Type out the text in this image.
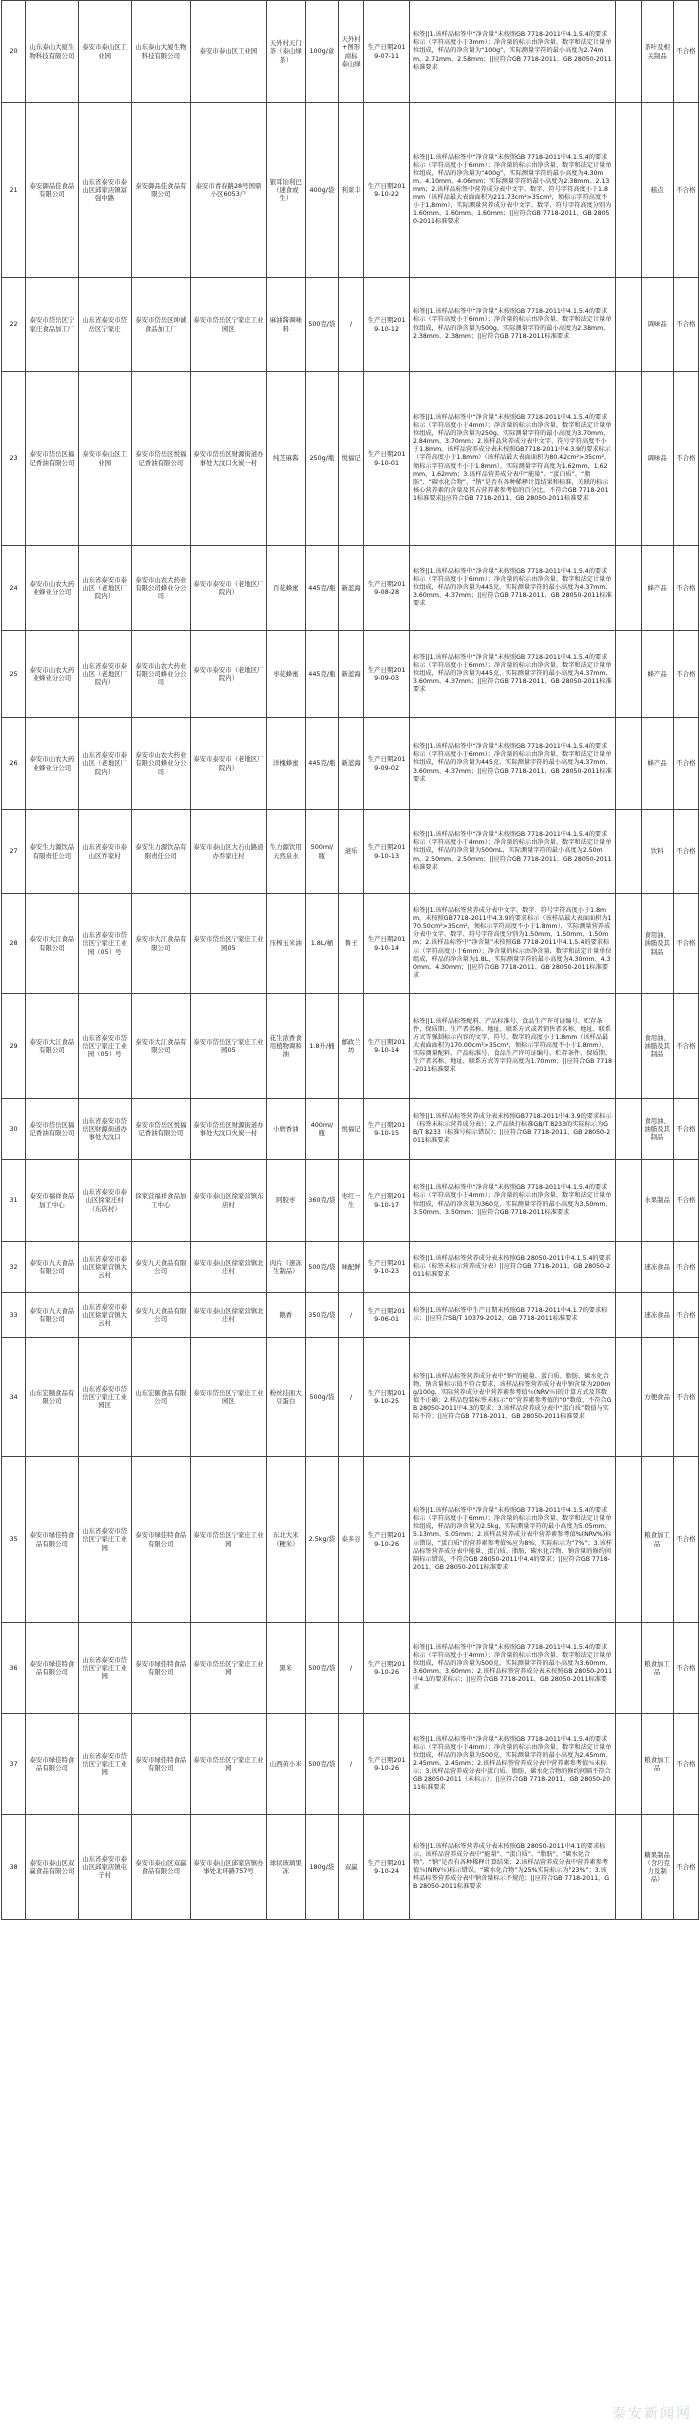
20	山东泰山大厦生物科技有限公司	泰安市泰山区工业园	山东泰山大厦生物科技有限公司	泰安市泰山区工业园	天外村天门茶（泰山绿茶）	100g/盒	天外村+图形商标 泰山绿	生产日期2019-07-11	标签||1.该样品标签中“净含量”未按照GB 7718-2011中4.1.5.4的要求标示（字符高度小于3mm）；净含量的标示由净含量、数字和法定计量单位组成，样品的净含量为“100g”，实际测量字符的最小高度为2.74mm、2.71mm、2.58mm；||应符合GB 7718-2011、GB 28050-2011标准要求		茶叶及相关制品	不合格
21	泰安御品佳食品有限公司	山东省泰安市泰山区邱家店镇富强中路	泰安御品佳食品有限公司	泰安市青春路28号国鼎小区6053户	银耳饴利巴（速食或生）	400g/袋	利莱丰	生产日期2019-10-22	标签||1.该样品标签中“净含量”未按照GB 7718-2011中4.1.5.4的要求标示（字符高度小于6mm）；净含量的标示由净含量、数字和法定计量单位组成，样品的净含量为“400g”，实际测量字符的最小高度为4.30mm、4.10mm、4.06mm；实际测量字符的最小高度为2.38mm、2.13mm；2.该样品标签中营养成分表中文字、数字、符号字符高度小于1.8mm（该样品最大表面面积为211.73cm²>35cm²，须标示字符高度不小于1.8mm），实际测量营养成分表中文字、数字、符号字符高度分别为1.60mm、1.60mm、1.60mm；||应符合GB 7718-2011、GB 28050-2011标准要求		糕点	不合格
22	泰安市岱岳区宁家庄食品加工厂	山东省泰安市岱岳区宁家庄	泰安市岱岳区坤诚食品加工厂	泰安市岱岳区宁家庄工业园区	麻油酱调味料	500克/袋	/	生产日期2019-10-12	标签||1.该样品标签中“净含量”未按照GB 7718-2011中4.1.5.4的要求标示（字符高度小于6mm）；净含量的标示由净含量、数字和法定计量单位组成，样品的净含量为500g，实际测量字符的最小高度为2.38mm、2.38mm、2.38mm；||应符合GB 7718-2011标准要求		调味品	不合格
23	泰安市岱岳区福记香油有限公司	泰安市泰山区工业园	泰安市岱岳区悦福记香油有限公司	泰安市岱岳区财源街道办事处大汶口火炭一村	纯芝麻酱	250g/瓶	悦福记	生产日期2019-10-01	标签||1.该样品标签中“净含量”未按照GB 7718-2011中4.1.5.4的要求标示（字符高度小于4mm）；净含量的标示由净含量、数字和法定计量单位组成，样品的净含量为250g，实际测量字符的最小高度为3.70mm、2.84mm、3.70mm；2.该样品营养成分表中文字、符号字符高度不小于1.8mm。该样品营养成分表未按照GB7718-2011中4.3.9的要求标示（字符高度小于1.8mm）（该样品最大表面面积为80.42cm²>35cm²，须标示字符高度不小于1.8mm），实际测量字符高度为1.62mm，1.62mm，1.62mm；3.该样品营养成分表中“能量”、“蛋白质”、“脂肪”、“碳水化合物”、“钠”是否有各种稀释计算结果和标准，关联的标示核心营养素的含量及其占营养素参考值的百分比。不符合GB 7718-2011标准要求||应符合GB 7718-2011、GB 28050-2011标准要求		调味品	不合格
24	泰安市山农大药业蜂业分公司	山东省泰安市泰山区（老地区厂院内）	泰安市山农大药业有限公司蜂业分公司	泰安市泰安市（老地区厂院内）	百花蜂蜜	445克/瓶	新蓝海	生产日期2019-08-28	标签||1.该样品标签中“净含量”未按照GB 7718-2011中4.1.5.4的要求标示（字符高度小于6mm）；净含量的标示由净含量、数字和法定计量单位组成，样品的净含量为445克，实际测量字符的最小高度为4.37mm、3.60mm、4.37mm；||应符合GB 7718-2011、GB 28050-2011标准要求		蜂产品	不合格
25	泰安市山农大药业蜂业分公司	山东省泰安市泰山区（老地区厂院内）	泰安市山农大药业有限公司蜂业分公司	泰安市泰安市（老地区厂院内）	枣花蜂蜜	445克/瓶	新蓝海	生产日期2019-09-03	标签||1.该样品标签中“净含量”未按照GB 7718-2011中4.1.5.4的要求标示（字符高度小于6mm）；净含量的标示由净含量、数字和法定计量单位组成，样品的净含量为445克，实际测量字符的最小高度为4.37mm、3.60mm、4.37mm；||应符合GB 7718-2011、GB 28050-2011标准要求		蜂产品	不合格
26	泰安市山农大药业蜂业分公司	山东省泰安市泰山区（老地区厂院内）	泰安市山农大药业有限公司蜂业分公司	泰安市泰安市（老地区厂院内）	洋槐蜂蜜	445克/瓶	新蓝海	生产日期2019-09-02	标签||1.该样品标签中“净含量”未按照GB 7718-2011中4.1.5.4的要求标示（字符高度小于6mm）；净含量的标示由净含量、数字和法定计量单位组成，样品的净含量为445克，实际测量字符的最小高度为4.37mm、3.60mm、4.37mm；||应符合GB 7718-2011、GB 28050-2011标准要求		蜂产品	不合格
27	泰安生力源饮品有限责任公司	山东省泰安市泰山区乔家村	泰安生力源饮品有限责任公司	泰安市泰山区大石山路道办乔家庄村	生力源饮用天然泉水	500ml/瓶	道乐	生产日期2019-10-13	标签||1.该样品标签中“净含量”未按照GB 7718-2011中4.1.5.4的要求标示（字符高度小于4mm）；净含量的标示由净含量、数字和法定计量单位组成，样品的净含量为500mL，实际测量字符的最小高度为2.50mm、2.50mm、2.50mm；||应符合GB 7718-2011、GB 28050-2011标准要求		饮料	不合格
28	泰安市大江食品有限公司	山东省泰安市岱岳区宁家庄工业园（05）号	泰安市大江食品有限公司	泰安市岱岳区宁家庄工业园05	压榨玉米油	1.8L/桶	鲁王	生产日期2019-10-14	标签||1.该样品标签营养成分表中文字、数字、符号字符高度小于1.8mm，未按照GB7718-2011中4.3.9的要求标示（该样品最大表面面积为170.50cm²>35cm²，须标示字符高度不小于1.8mm），实际测量营养成分表中文字、数字、符号字符高度分别为1.50mm、1.50mm、1.50mm；2.该样品标签中“净含量”未按照GB 7718-2011中4.1.5.4的要求标示（字符高度小于6mm）；净含量的标示由净含量、数字和法定计量单位组成，样品的净含量为1.8L，实际测量字符的最小高度为4.30mm、4.30mm、4.30mm；||应符合GB 7718-2011、GB 28050-2011标准要求		食用油、油脂及其制品	不合格
29	泰安市大江食品有限公司	山东省泰安市岱岳区宁家庄工业园（05）号	泰安市大江食品有限公司	泰安市岱岳区宁家庄工业园05	花生浓香食用植物调和油	1.8升/桶	邮政兰坊	生产日期2019-10-14	标签||1.该样品标签配料、产品标准号、食品生产许可证编号、贮存条件、保质期、生产者名称、地址、联系方式或者销售者名称、地址、联系方式等强制标示内容的文字、符号、数字的高度小于1.8mm（该样品最大表面面积为170.00cm²>35cm²，须标示字符高度不小于1.8mm），实际测量配料、产品标准号、食品生产许可证编号、贮存条件、保质期、生产者名称、地址、联系方式等字符高度为1.70mm；||应符合GB 7718-2011标准要求		食用油、油脂及其制品	不合格
30	泰安市岱岳区福记香油有限公司	山东省泰安市岱岳区财源街道办事处大汶口	泰安市岱岳区悦福记香油有限公司	泰安市岱岳区财源街道办事处大汶口火炭一村	小磨香油	400ml/瓶	悦福记	生产日期2019-10-15	标签||1.该样品标签营养成分表未按照GB7718-2011中4.3.9的要求标示（标签未标示营养成分表）；2.产品执行标准GB/T 8233的实际标示为GB/T 8233（标准号标示错误）；||应符合GB 7718-2011、GB 28050-2011标准要求		食用油、油脂及其制品	不合格
31	泰安市福祥食品加工中心	山东省泰安市泰山区徐家庄村（东店村）	徐家营福祥食品加工中心	泰安市泰山区徐家营镇东店村	阿胶枣	360克/袋	枣红一生	生产日期2019-10-17	标签||1.该样品标签中“净含量”未按照GB 7718-2011中4.1.5.4的要求标示（字符高度小于4mm）；净含量的标示由净含量、数字和法定计量单位组成，样品的净含量为360克，实际测量字符的最小高度为3.50mm、3.50mm、3.50mm；||应符合GB 7718-2011标准要求		水果制品	不合格
32	泰安市九天食品有限公司	山东省泰安市泰山区徐家营镇大云村	泰安九天食品有限公司	泰安市泰山区徐家营镇北庄村	肉片（速冻生制品）	500克/袋	味配鲜	生产日期2019-10-23	标签||1.该样品标签营养成分表未按照GB 28050-2011中4.1.5.4的要求标示（标签未标示营养成分表）||应符合GB 7718-2011、GB 28050-2011标准要求		速冻食品	不合格
33	泰安市九天食品有限公司	山东省泰安市泰山区徐家营镇大云村	泰安九天食品有限公司	泰安市泰山区徐家营镇北庄村	鹅香	350克/袋	/	生产日期2019-06-01	标签||1.该样品标签中生产日期未按照GB 7718-2011中4.1.7的要求标示；||应符合SB/T 10379-2012、GB 7718-2011标准要求		速冻食品	不合格
34	山东宏颐食品有限公司	山东省泰安市岱岳区宁家庄工业园区	山东宏颐食品有限公司	泰安市岱岳区宁家庄工业园区	粉丝挂面大豆蛋白	500g/袋	/	生产日期2019-10-25	标签||1.该样品标签营养成分表中“钠”的能量、蛋白质、脂肪、碳水化合物、钠含量标示值不符合要求，该样品标签营养成分表中钠含量为200mg/100g，实际营养成分表中营养素参考值％(NRV％)的计算方式及其数值不正确；2.样品包装标签未标示“0”营养素参考值的“0”数值，不符合GB 28050-2011中4.3的要求；3.该样品营养成分表中“蛋白质”数值与实际不符；||应符合GB 7718-2011、GB 28050-2011标准要求		方便食品	不合格
35	泰安市绿佳特食品有限公司	山东省泰安市岱岳区宁家庄工业园	泰安市绿佳特食品有限公司	泰安市岱岳区宁家庄工业园	东北大米（粳米）	2.5kg/袋	泰多谷	生产日期2019-10-26	标签||1.该样品标签中“净含量”未按照GB 7718-2011中4.1.5.4的要求标示（字符高度小于6mm）；净含量的标示由净含量、数字和法定计量单位组成，样品的净含量为2.5kg，实际测量字符的最小高度为5.05mm、5.13mm、5.05mm；2.该样品营养成分表中营养素参考值%(NRV%)标示错误，“蛋白质”的营养素参考值%应为8%，实际标示为“7%”；3.该样品标签营养成分表中能量、蛋白质、脂肪、碳水化合物、钠含量的修约间隔标示错误，不符合GB 28050-2011中4.4的要求；||应符合GB 7718-2011、GB 28050-2011标准要求		粮食加工品	不合格
36	泰安市绿佳特食品有限公司	山东省泰安市岱岳区宁家庄工业园	泰安市绿佳特食品有限公司	泰安市岱岳区宁家庄工业园	黑米	500克/袋	/	生产日期2019-10-26	标签||1.该样品标签中“净含量”未按照GB 7718-2011中4.1.5.4的要求标示（字符高度小于4mm）；净含量的标示由净含量、数字和法定计量单位组成，样品的净含量为500克，实际测量字符的最小高度为3.60mm、3.60mm、3.60mm；2.该样品标签营养成分表未按照GB 28050-2011中4.1的要求标示；||应符合GB 7718-2011、GB 28050-2011标准要求		粮食加工品	不合格
37	泰安市绿佳特食品有限公司	山东省泰安市岱岳区宁家庄工业园	泰安市绿佳特食品有限公司	泰安市岱岳区宁家庄工业园	山西黄小米	500克/袋	/	生产日期2019-10-26	标签||1.该样品标签中“净含量”未按照GB 7718-2011中4.1.5.4的要求标示（字符高度小于4mm）；净含量的标示由净含量、数字和法定计量单位组成，样品的净含量为500克，实际测量字符的最小高度为2.45mm、2.45mm、2.45mm；2.该样品标签营养成分表中营养素参考值％未标示；3.该样品营养成分表中蛋白质、脂肪、碳水化合物的修约间隔不符合GB 28050-2011（未标示）；||应符合GB 7718-2011、GB 28050-2011标准要求		粮食加工品	不合格
38	泰安市泰山区双赢食品有限公司	山东省泰安市泰山区邱家店镇屯子村	泰安市泰山区双赢食品有限公司	泰安市泰山区邱家店镇办事处北环路757号	球状玻璃果冻	180g/袋	双赢	生产日期2019-10-24	标签||1.该样品标签营养成分表未按照GB 28050-2011中4.1的要求标示，该样品营养成分表中“能量”、“蛋白质”、“脂肪”、“碳水化合物”、“钠”是否有各种稀释计算结果；2.该样品营养成分表中营养素参考值％(NRV％)标示错误，“碳水化合物”为25%实际标示为“23%”；3.该样品标签营养成分表中钠含量标示不规范；||应符合GB 7718-2011、GB 28050-2011标准要求		糖果制品（含巧克力及制品）	不合格
泰安新闻网
